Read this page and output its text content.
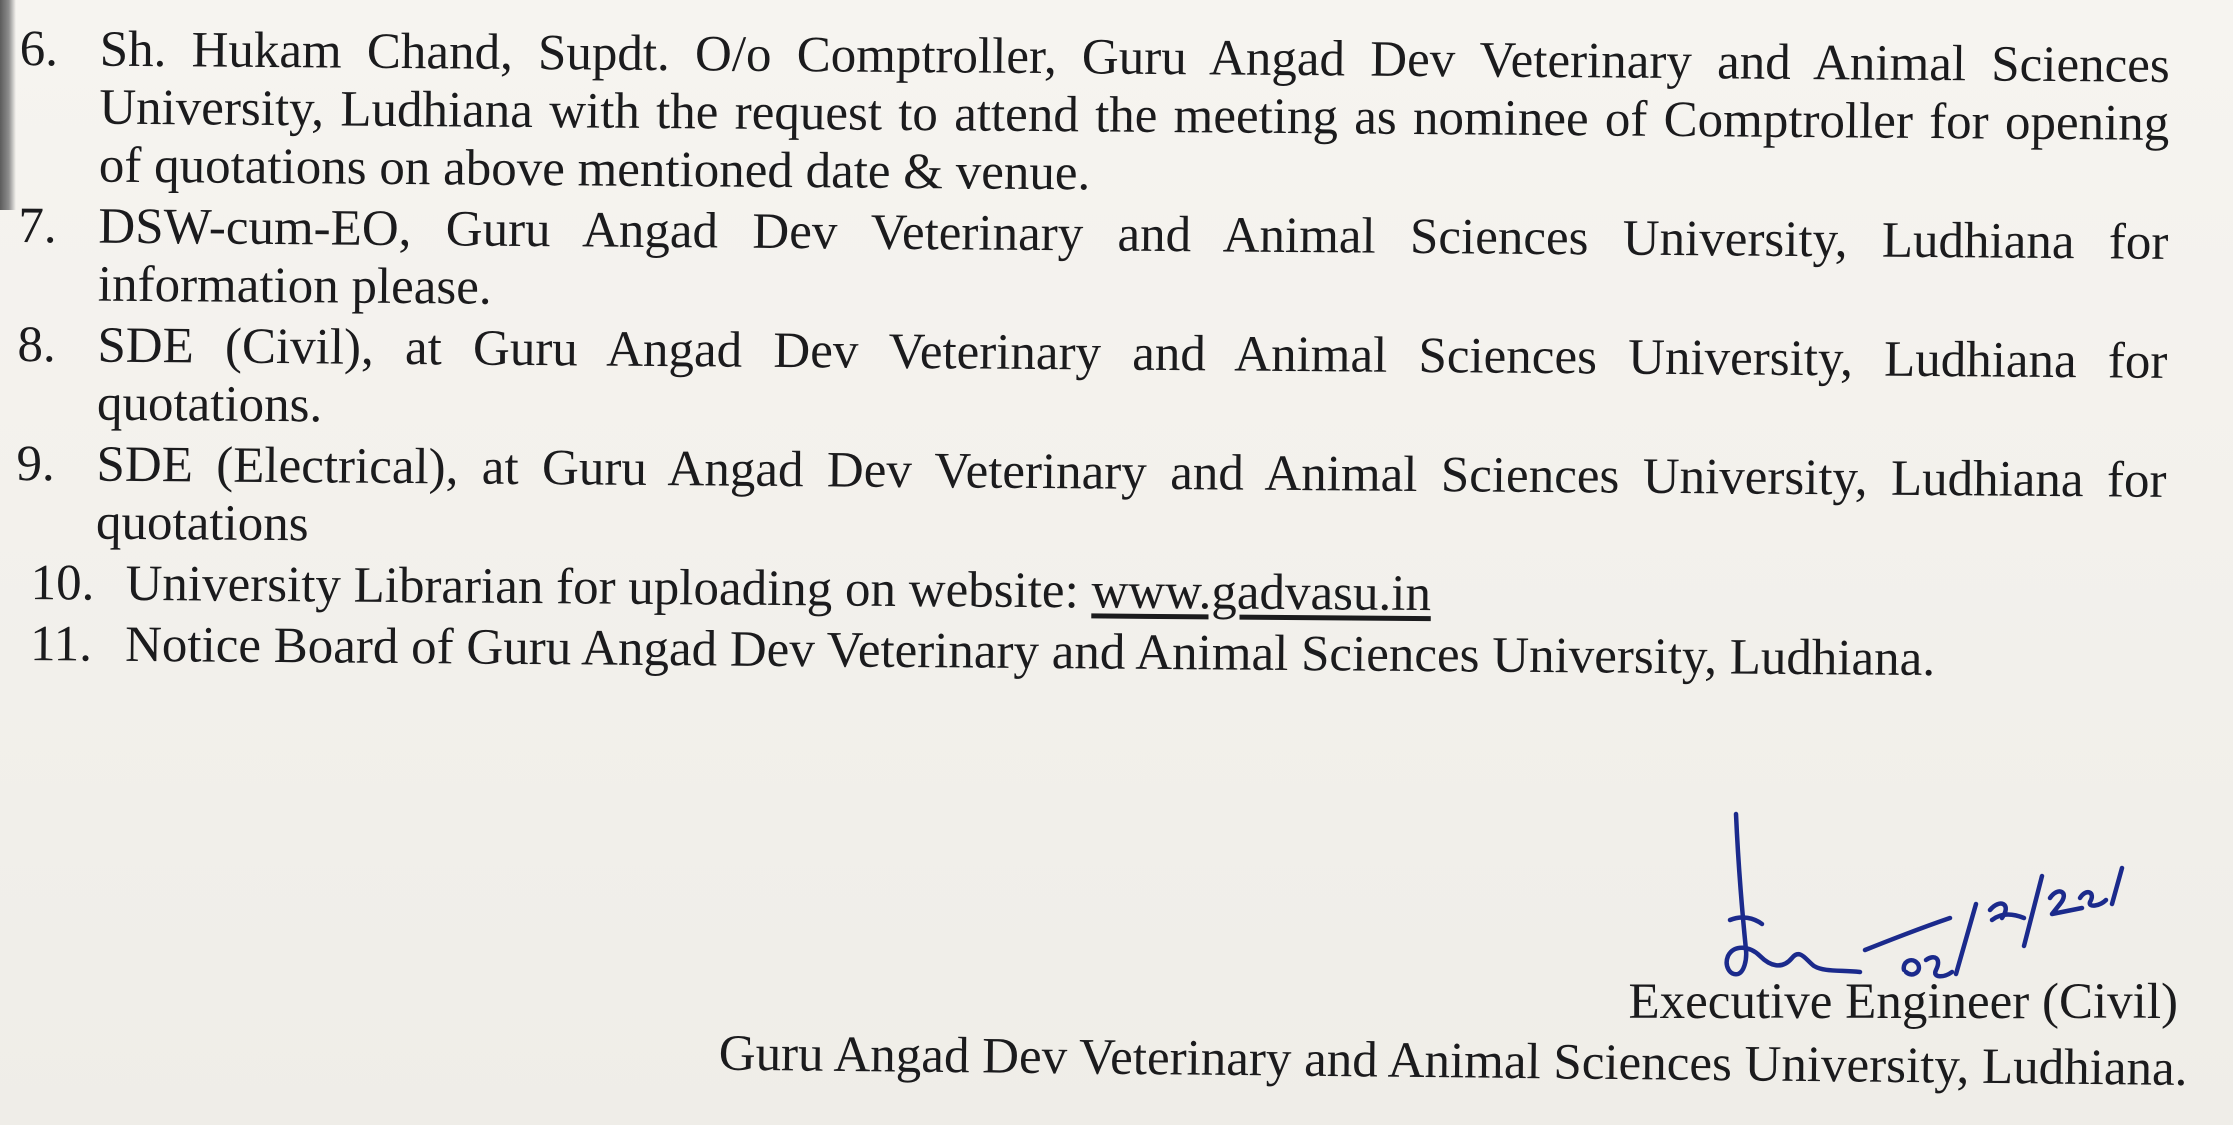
6. Sh. Hukam Chand, Supdt. O/o Comptroller, Guru Angad Dev Veterinary and Animal Sciences University, Ludhiana with the request to attend the meeting as nominee of Comptroller for opening of quotations on above mentioned date & venue.
7. DSW-cum-EO, Guru Angad Dev Veterinary and Animal Sciences University, Ludhiana for information please.
8. SDE (Civil), at Guru Angad Dev Veterinary and Animal Sciences University, Ludhiana for quotations.
9. SDE (Electrical), at Guru Angad Dev Veterinary and Animal Sciences University, Ludhiana for quotations
10. University Librarian for uploading on website: www.gadvasu.in
11. Notice Board of Guru Angad Dev Veterinary and Animal Sciences University, Ludhiana.
Executive Engineer (Civil)
Guru Angad Dev Veterinary and Animal Sciences University, Ludhiana.
